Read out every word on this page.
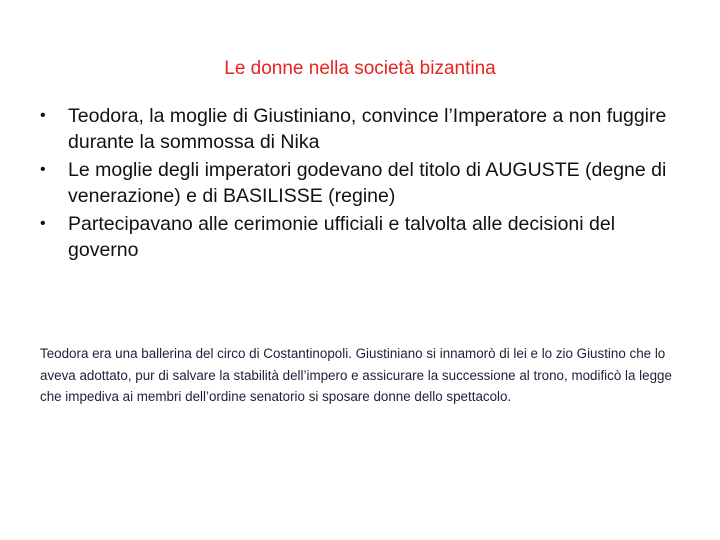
Le donne nella società bizantina
•	Teodora, la moglie di Giustiniano, convince l’Imperatore a non fuggire durante la sommossa di Nika
•	Le moglie degli imperatori godevano del titolo di AUGUSTE (degne di venerazione) e di BASILISSE (regine)
•	Partecipavano alle cerimonie ufficiali e talvolta alle decisioni del governo

Teodora era una ballerina del circo di Costantinopoli. Giustiniano si innamorò di lei e lo zio Giustino che lo aveva adottato, pur di salvare la stabilità dell’impero e assicurare la successione al trono, modificò la legge che impediva ai membri dell’ordine senatorio si sposare donne dello spettacolo.
